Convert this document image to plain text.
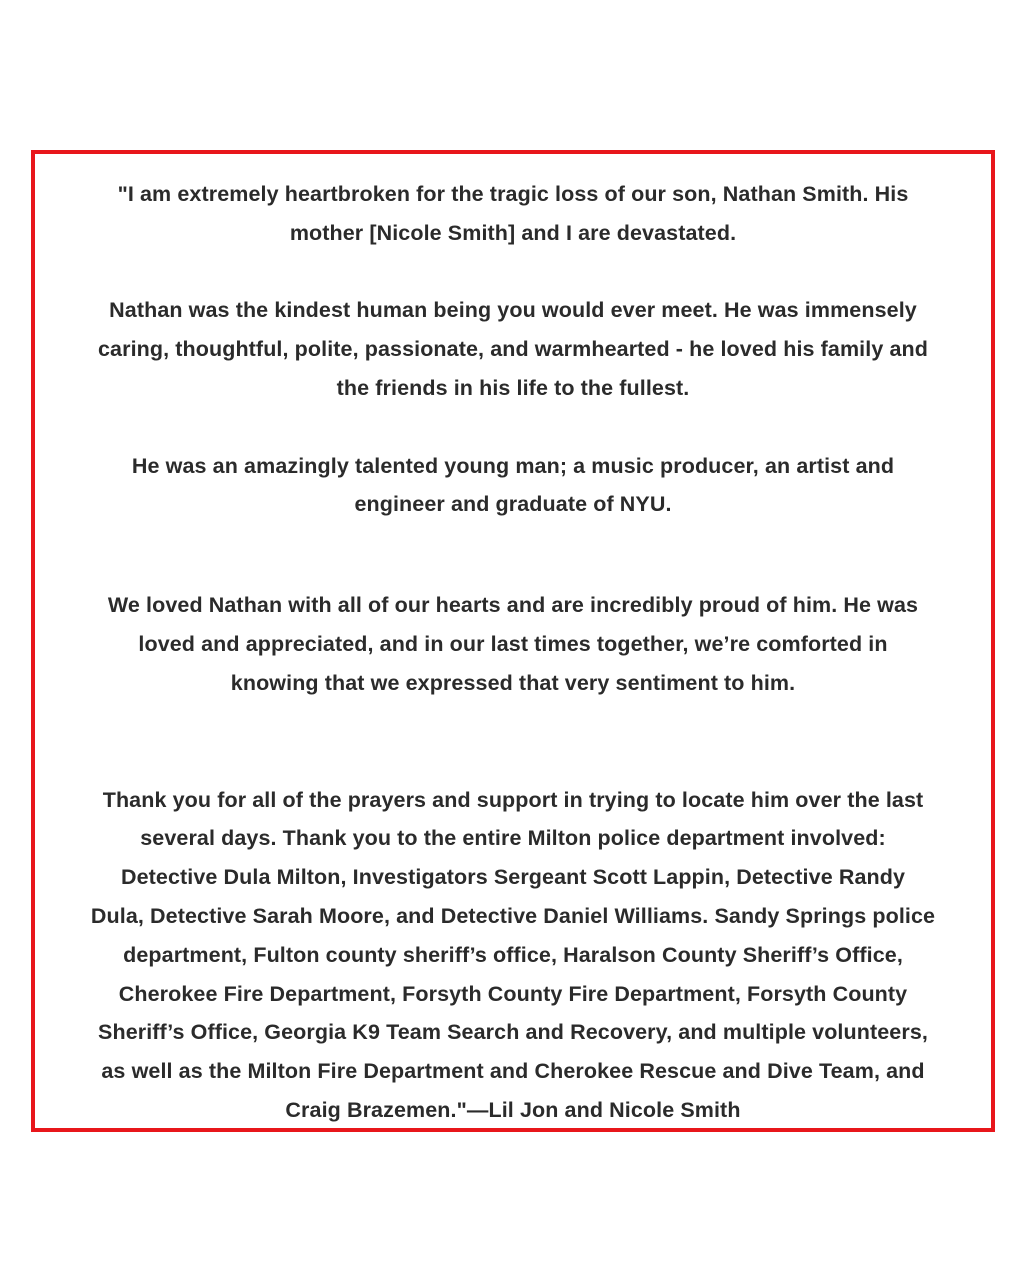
"I am extremely heartbroken for the tragic loss of our son, Nathan Smith. His
mother [Nicole Smith] and I are devastated.

Nathan was the kindest human being you would ever meet. He was immensely
caring, thoughtful, polite, passionate, and warmhearted - he loved his family and
the friends in his life to the fullest.

He was an amazingly talented young man; a music producer, an artist and
engineer and graduate of NYU.

We loved Nathan with all of our hearts and are incredibly proud of him. He was
loved and appreciated, and in our last times together, we’re comforted in
knowing that we expressed that very sentiment to him.

Thank you for all of the prayers and support in trying to locate him over the last
several days. Thank you to the entire Milton police department involved:
Detective Dula Milton, Investigators Sergeant Scott Lappin, Detective Randy
Dula, Detective Sarah Moore, and Detective Daniel Williams. Sandy Springs police
department, Fulton county sheriff’s office, Haralson County Sheriff’s Office,
Cherokee Fire Department, Forsyth County Fire Department, Forsyth County
Sheriff’s Office, Georgia K9 Team Search and Recovery, and multiple volunteers,
as well as the Milton Fire Department and Cherokee Rescue and Dive Team, and
Craig Brazemen."—Lil Jon and Nicole Smith
